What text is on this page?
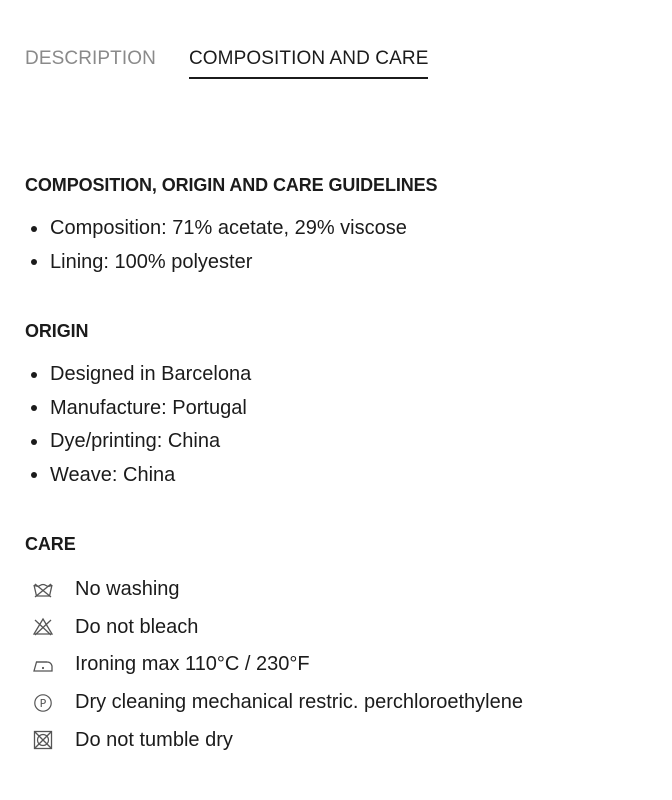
DESCRIPTION COMPOSITION AND CARE
COMPOSITION, ORIGIN AND CARE GUIDELINES
Composition: 71% acetate, 29% viscose
Lining: 100% polyester
ORIGIN
Designed in Barcelona
Manufacture: Portugal
Dye/printing: China
Weave: China
CARE
No washing
Do not bleach
Ironing max 110°C / 230°F
P Dry cleaning mechanical restric. perchloroethylene
Do not tumble dry
